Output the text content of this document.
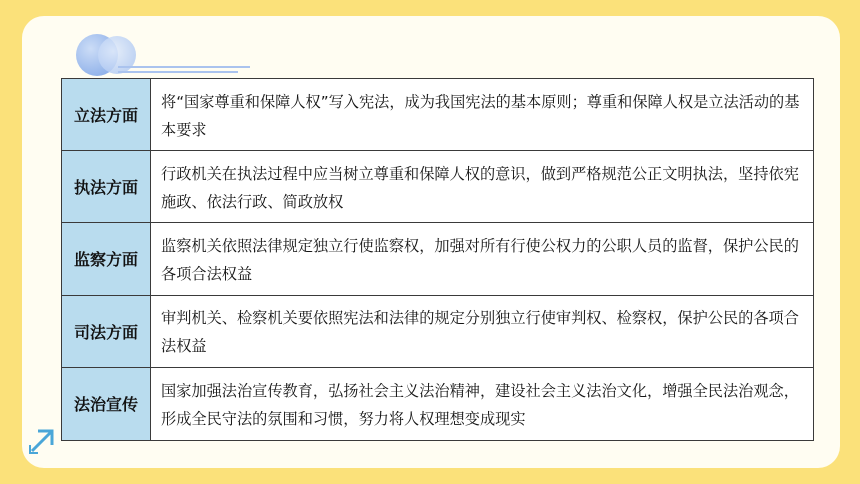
立法方面
将“国家尊重和保障人权”写入宪法，成为我国宪法的基本原则；尊重和保障人权是立法活动的基本要求
执法方面
行政机关在执法过程中应当树立尊重和保障人权的意识，做到严格规范公正文明执法，坚持依宪施政、依法行政、简政放权
监察方面
监察机关依照法律规定独立行使监察权，加强对所有行使公权力的公职人员的监督，保护公民的各项合法权益
司法方面
审判机关、检察机关要依照宪法和法律的规定分别独立行使审判权、检察权，保护公民的各项合法权益
法治宣传
国家加强法治宣传教育，弘扬社会主义法治精神，建设社会主义法治文化，增强全民法治观念，形成全民守法的氛围和习惯，努力将人权理想变成现实
